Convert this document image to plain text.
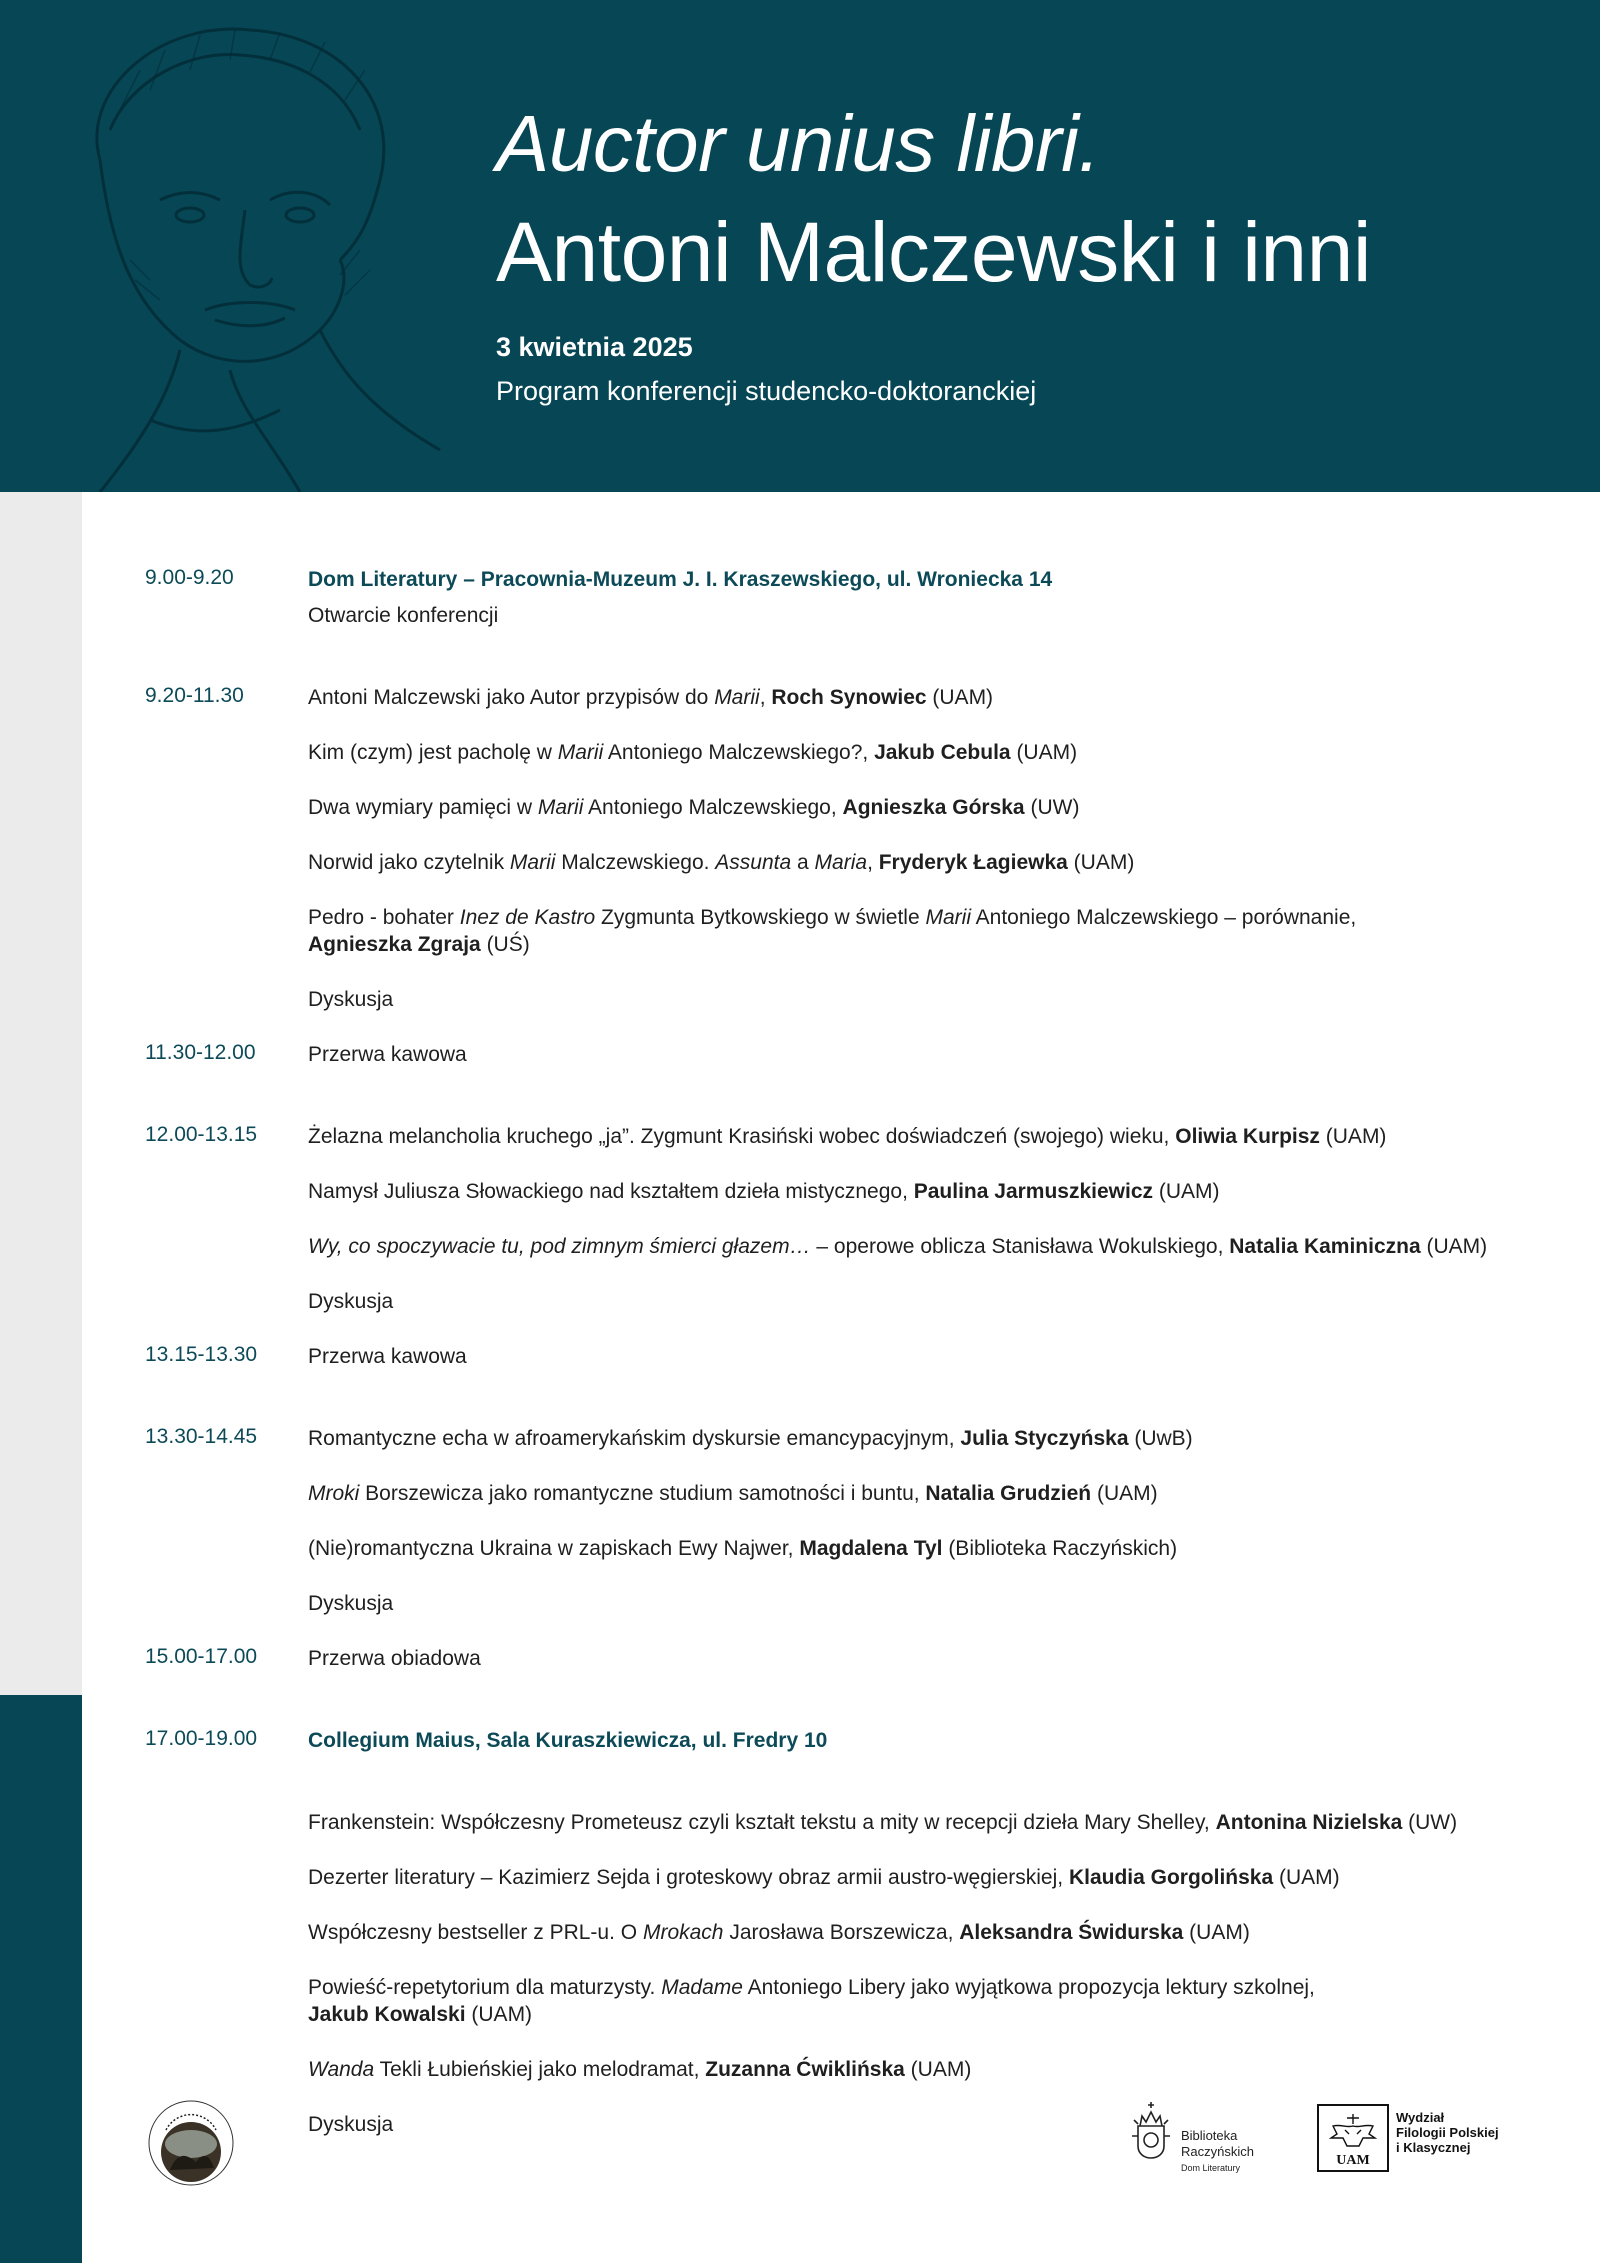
Auctor unius libri.
Antoni Malczewski i inni
3 kwietnia 2025
Program konferencji studencko-doktoranckiej
9.00-9.20	Dom Literatury – Pracownia-Muzeum J. I. Kraszewskiego, ul. Wroniecka 14
Otwarcie konferencji
9.20-11.30	Antoni Malczewski jako Autor przypisów do Marii, Roch Synowiec (UAM)
Kim (czym) jest pacholę w Marii Antoniego Malczewskiego?, Jakub Cebula (UAM)
Dwa wymiary pamięci w Marii Antoniego Malczewskiego, Agnieszka Górska (UW)
Norwid jako czytelnik Marii Malczewskiego. Assunta a Maria, Fryderyk Łagiewka (UAM)
Pedro - bohater Inez de Kastro Zygmunta Bytkowskiego w świetle Marii Antoniego Malczewskiego – porównanie,
Agnieszka Zgraja (UŚ)
Dyskusja
11.30-12.00 Przerwa kawowa
12.00-13.15 Żelazna melancholia kruchego „ja”. Zygmunt Krasiński wobec doświadczeń (swojego) wieku, Oliwia Kurpisz (UAM)
Namysł Juliusza Słowackiego nad kształtem dzieła mistycznego, Paulina Jarmuszkiewicz (UAM)
Wy, co spoczywacie tu, pod zimnym śmierci głazem… – operowe oblicza Stanisława Wokulskiego, Natalia Kaminiczna (UAM)
Dyskusja
13.15-13.30 Przerwa kawowa
13.30-14.45 Romantyczne echa w afroamerykańskim dyskursie emancypacyjnym, Julia Styczyńska (UwB)
Mroki Borszewicza jako romantyczne studium samotności i buntu, Natalia Grudzień (UAM)
(Nie)romantyczna Ukraina w zapiskach Ewy Najwer, Magdalena Tyl (Biblioteka Raczyńskich)
Dyskusja
15.00-17.00 Przerwa obiadowa
17.00-19.00 Collegium Maius, Sala Kuraszkiewicza, ul. Fredry 10
Frankenstein: Współczesny Prometeusz czyli kształt tekstu a mity w recepcji dzieła Mary Shelley, Antonina Nizielska (UW)
Dezerter literatury – Kazimierz Sejda i groteskowy obraz armii austro-węgierskiej, Klaudia Gorgolińska (UAM)
Współczesny bestseller z PRL-u. O Mrokach Jarosława Borszewicza, Aleksandra Świdurska (UAM)
Powieść-repetytorium dla maturzysty. Madame Antoniego Libery jako wyjątkowa propozycja lektury szkolnej,
Jakub Kowalski (UAM)
Wanda Tekli Łubieńskiej jako melodramat, Zuzanna Ćwiklińska (UAM)
Dyskusja	Biblioteka
Raczyńskich
Dom Literatury	UAM
Wydział
Filologii Polskiej
i Klasycznej
